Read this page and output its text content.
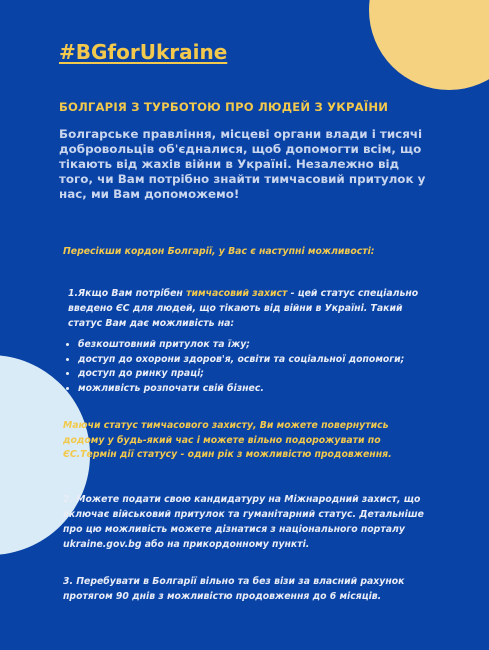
#BGforUkraine
БОЛГАРІЯ З ТУРБОТОЮ ПРО ЛЮДЕЙ З УКРАЇНИ
Болгарське правління, місцеві органи влади і тисячі добровольців об'єдналися, щоб допомогти всім, що тікають від жахів війни в Україні. Незалежно від того, чи Вам потрібно знайти тимчасовий притулок у нас, ми Вам допоможемо!
Пeрeсікши кордон Болгарії, у Вас є наступні можливості:
1.Якщо Вам потрібен тимчасовий захист - цей статус спеціально введено ЄС для людей, що тікають від війни в Україні. Такий статус Вам дає можливість на:
• безкоштовний притулок та їжу;
• доступ до охорони здоров'я, освіти та соціальної допомоги;
• доступ до ринку праці;
• можливість розпочати свій бізнес.
Маючи статус тимчасового захисту, Ви можете повернутись додому у будь-який час і можете вільно подорожувати по ЄС.Термін дії статусу - один рік з можливістю продовження.
2. Можете подати свою кандидатуру на Міжнародний захист, що включає військовий притулок та гуманітарний статус. Детальніше про цю можливість можете дізнатися з національного порталу ukraine.gov.bg або на прикордонному пункті.
3. Перебувати в Болгарії вільно та без візи за власний рахунок протягом 90 днів з можливістю продовження до 6 місяців.
